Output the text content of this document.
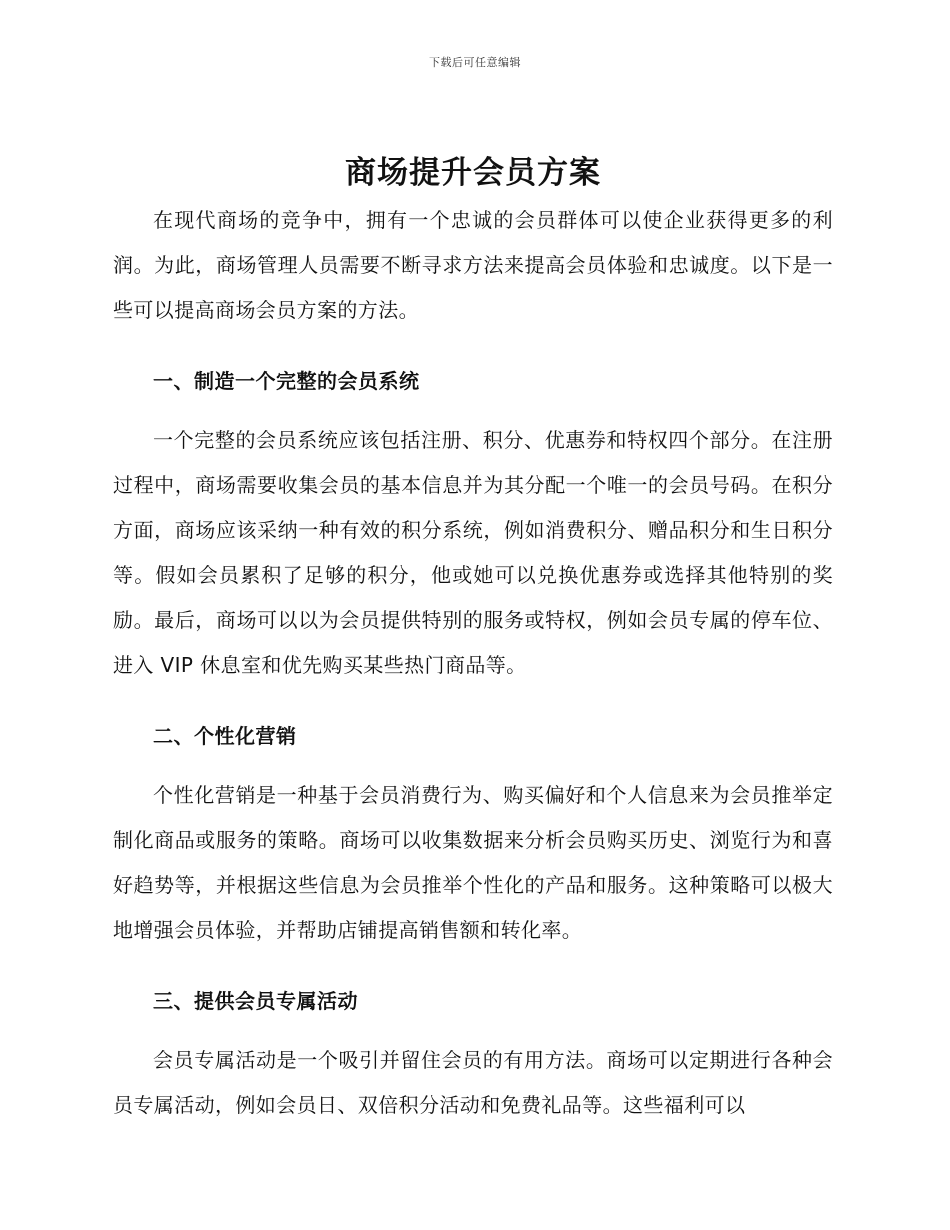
下载后可任意编辑
商场提升会员方案

在现代商场的竞争中，拥有一个忠诚的会员群体可以使企业获得更多的利润。为此，商场管理人员需要不断寻求方法来提高会员体验和忠诚度。以下是一些可以提高商场会员方案的方法。

一、制造一个完整的会员系统

一个完整的会员系统应该包括注册、积分、优惠券和特权四个部分。在注册过程中，商场需要收集会员的基本信息并为其分配一个唯一的会员号码。在积分方面，商场应该采纳一种有效的积分系统，例如消费积分、赠品积分和生日积分等。假如会员累积了足够的积分，他或她可以兑换优惠券或选择其他特别的奖励。最后，商场可以以为会员提供特别的服务或特权，例如会员专属的停车位、进入 VIP 休息室和优先购买某些热门商品等。

二、个性化营销

个性化营销是一种基于会员消费行为、购买偏好和个人信息来为会员推举定制化商品或服务的策略。商场可以收集数据来分析会员购买历史、浏览行为和喜好趋势等，并根据这些信息为会员推举个性化的产品和服务。这种策略可以极大地增强会员体验，并帮助店铺提高销售额和转化率。

三、提供会员专属活动

会员专属活动是一个吸引并留住会员的有用方法。商场可以定期进行各种会员专属活动，例如会员日、双倍积分活动和免费礼品等。这些福利可以
